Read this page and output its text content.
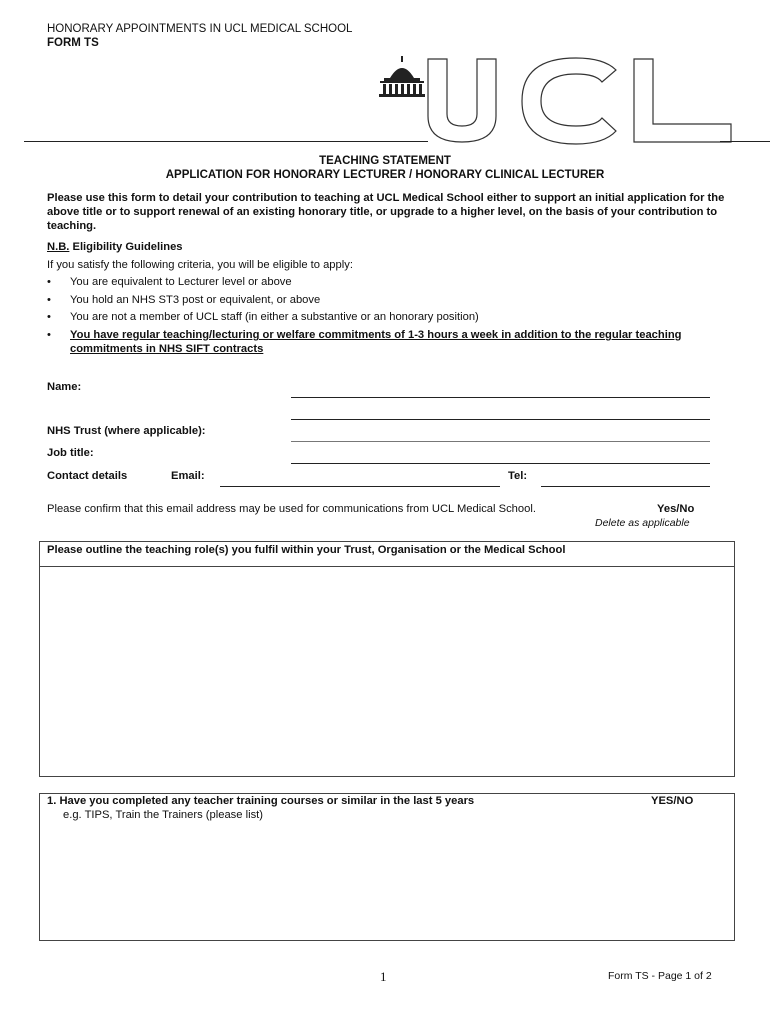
HONORARY APPOINTMENTS IN UCL MEDICAL SCHOOL
FORM TS
TEACHING STATEMENT
APPLICATION FOR HONORARY LECTURER / HONORARY CLINICAL LECTURER
Please use this form to detail your contribution to teaching at UCL Medical School either to support an initial application for the above title or to support renewal of an existing honorary title, or upgrade to a higher level, on the basis of your contribution to teaching.
N.B. Eligibility Guidelines
If you satisfy the following criteria, you will be eligible to apply:
•	You are equivalent to Lecturer level or above
•	You hold an NHS ST3 post or equivalent, or above
•	You are not a member of UCL staff (in either a substantive or an honorary position)
•	You have regular teaching/lecturing or welfare commitments of 1-3 hours a week in addition to the regular teaching commitments in NHS SIFT contracts
Name:
NHS Trust (where applicable):
Job title:
Contact details	Email:	Tel:
Please confirm that this email address may be used for communications from UCL Medical School.	Yes/No
Delete as applicable
Please outline the teaching role(s) you fulfil within your Trust, Organisation or the Medical School
1. Have you completed any teacher training courses or similar in the last 5 years	YES/NO
e.g. TIPS, Train the Trainers (please list)
1	Form TS - Page 1 of 2
